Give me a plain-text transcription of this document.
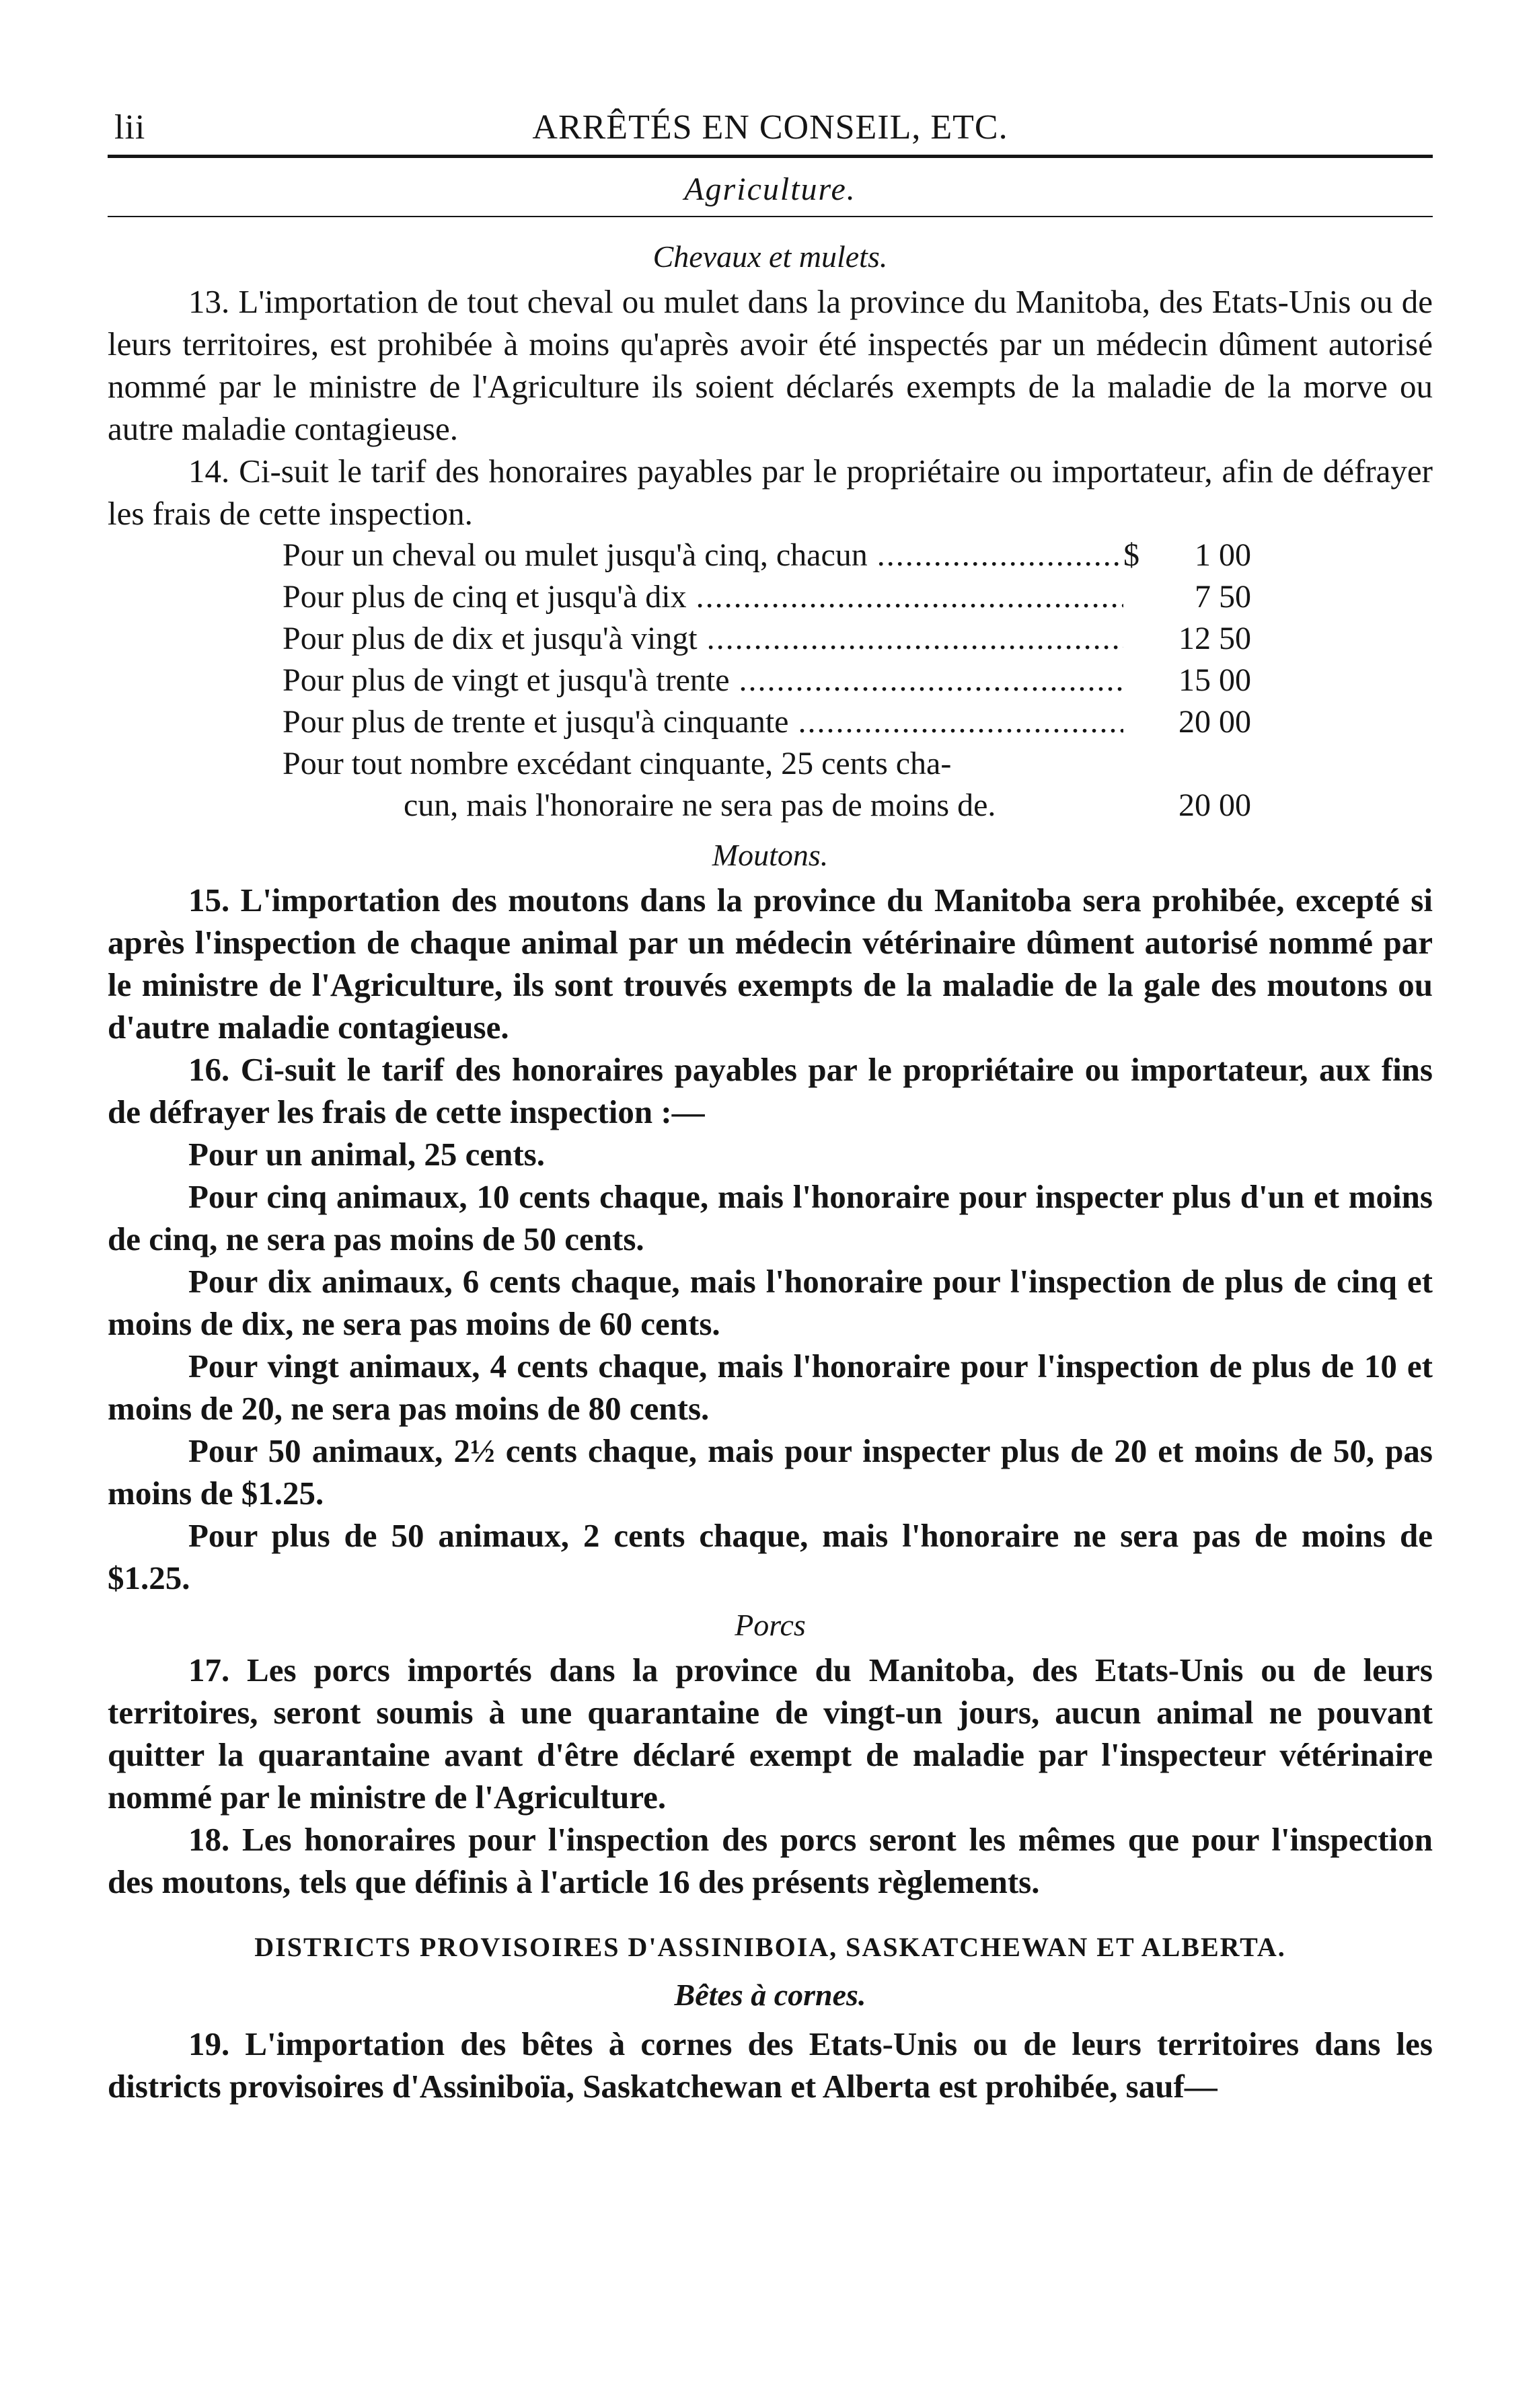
lii	ARRÊTÉS EN CONSEIL, ETC.
Agriculture.
Chevaux et mulets.

13. L'importation de tout cheval ou mulet dans la province du Manitoba, des Etats-Unis ou de leurs territoires, est prohibée à moins qu'après avoir été inspectés par un médecin dûment autorisé nommé par le ministre de l'Agriculture ils soient déclarés exempts de la maladie de la morve ou autre maladie contagieuse.

14. Ci-suit le tarif des honoraires payables par le propriétaire ou importateur, afin de défrayer les frais de cette inspection.

Pour un cheval ou mulet jusqu'à cinq, chacun .....	$	1 00
Pour plus de cinq et jusqu'à dix .....	7 50
Pour plus de dix et jusqu'à vingt .....	12 50
Pour plus de vingt et jusqu'à trente .....	15 00
Pour plus de trente et jusqu'à cinquante .....	20 00
Pour tout nombre excédant cinquante, 25 cents cha-
cun, mais l'honoraire ne sera pas de moins de.	20 00
Moutons.

15. L'importation des moutons dans la province du Manitoba sera prohibée, excepté si après l'inspection de chaque animal par un médecin vétérinaire dûment autorisé nommé par le ministre de l'Agriculture, ils sont trouvés exempts de la maladie de la gale des moutons ou d'autre maladie contagieuse.

16. Ci-suit le tarif des honoraires payables par le propriétaire ou importateur, aux fins de défrayer les frais de cette inspection :—

Pour un animal, 25 cents.

Pour cinq animaux, 10 cents chaque, mais l'honoraire pour inspecter plus d'un et moins de cinq, ne sera pas moins de 50 cents.

Pour dix animaux, 6 cents chaque, mais l'honoraire pour l'inspection de plus de cinq et moins de dix, ne sera pas moins de 60 cents.

Pour vingt animaux, 4 cents chaque, mais l'honoraire pour l'inspection de plus de 10 et moins de 20, ne sera pas moins de 80 cents.

Pour 50 animaux, 2½ cents chaque, mais pour inspecter plus de 20 et moins de 50, pas moins de $1.25.

Pour plus de 50 animaux, 2 cents chaque, mais l'honoraire ne sera pas de moins de $1.25.

Porcs

17. Les porcs importés dans la province du Manitoba, des Etats-Unis ou de leurs territoires, seront soumis à une quarantaine de vingt-un jours, aucun animal ne pouvant quitter la quarantaine avant d'être déclaré exempt de maladie par l'inspecteur vétérinaire nommé par le ministre de l'Agriculture.

18. Les honoraires pour l'inspection des porcs seront les mêmes que pour l'inspection des moutons, tels que définis à l'article 16 des présents règlements.

DISTRICTS PROVISOIRES D'ASSINIBOIA, SASKATCHEWAN ET ALBERTA.
Bêtes à cornes.

19. L'importation des bêtes à cornes des Etats-Unis ou de leurs territoires dans les districts provisoires d'Assiniboïa, Saskatchewan et Alberta est prohibée, sauf—
